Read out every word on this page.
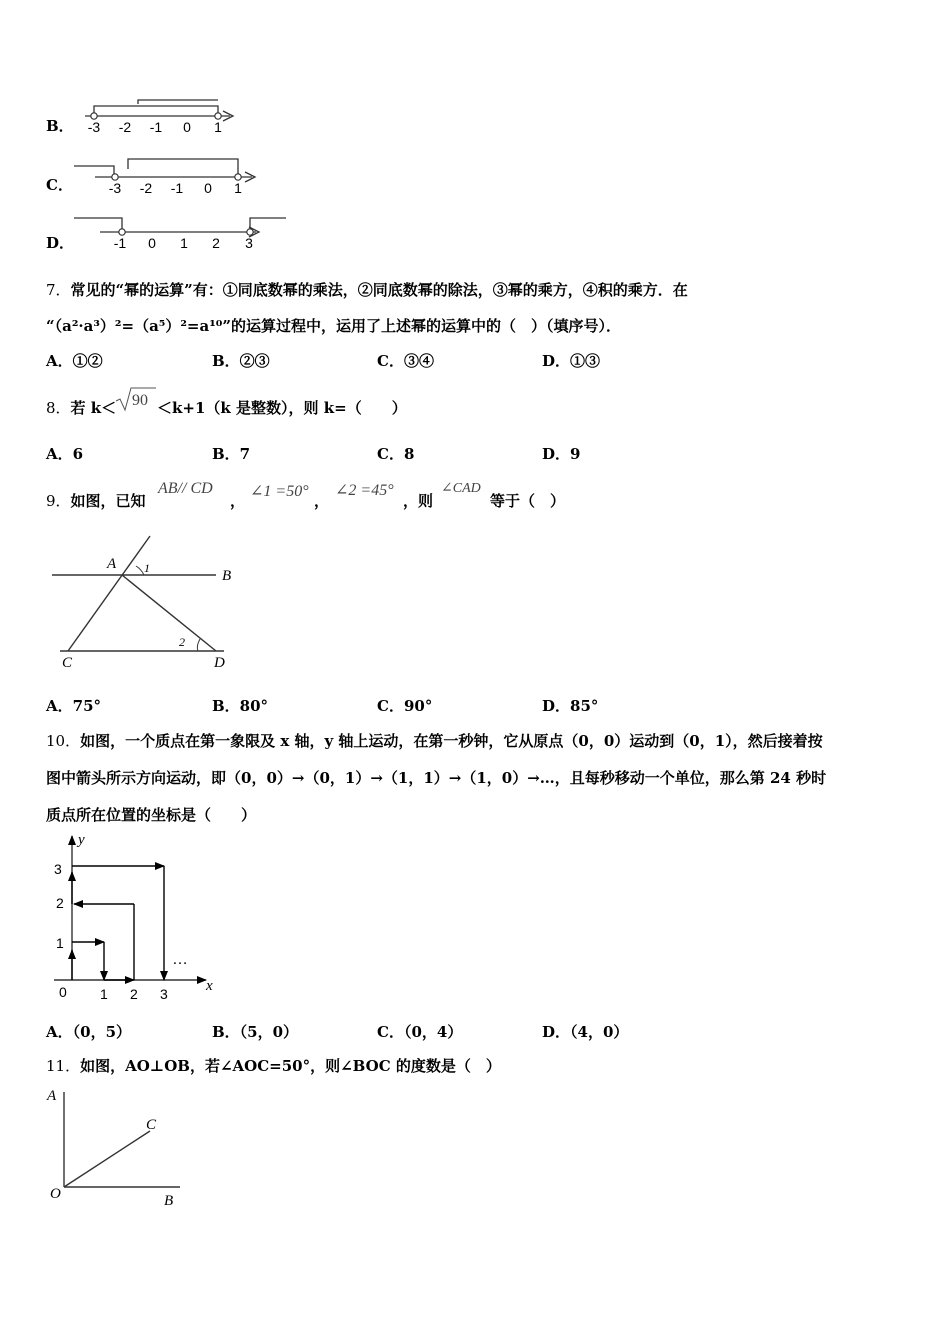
B． -3 -2 -1 0 1
C．	-3 -2 -1 0 1
D．	-1 0 1 2 3
7．常见的“幂的运算”有：①同底数幂的乘法，②同底数幂的除法，③幂的乘方，④积的乘方．在
“（a²·a³）²=（a⁵）²=a¹⁰”的运算过程中，运用了上述幂的运算中的（　）（填序号）．
A．①②	B．②③	C．③④	D．①③
8．若 k＜ 90 ＜k+1（k 是整数），则 k=（　　）
A．6	B．7	C．8	D．9
9．如图，已知
AB// CD
，
∠1 =50°
，
∠2 =45°
，则
∠CAD
等于（　）
A
B
C	D
1
2
A．75°	B．80°	C．90°	D．85°
10．如图，一个质点在第一象限及 x 轴，y 轴上运动，在第一秒钟，它从原点（0，0）运动到（0，1），然后接着按
图中箭头所示方向运动，即（0，0）→（0，1）→（1，1）→（1，0）→…，且每秒移动一个单位，那么第 24 秒时
质点所在位置的坐标是（　　）
y
x
0 1 2 3
1
2
3
…
A．（0，5）	B．（5，0）	C．（0，4）	D．（4，0）
11．如图，AO⊥OB，若∠AOC=50°，则∠BOC 的度数是（　）
A
C
O	B
